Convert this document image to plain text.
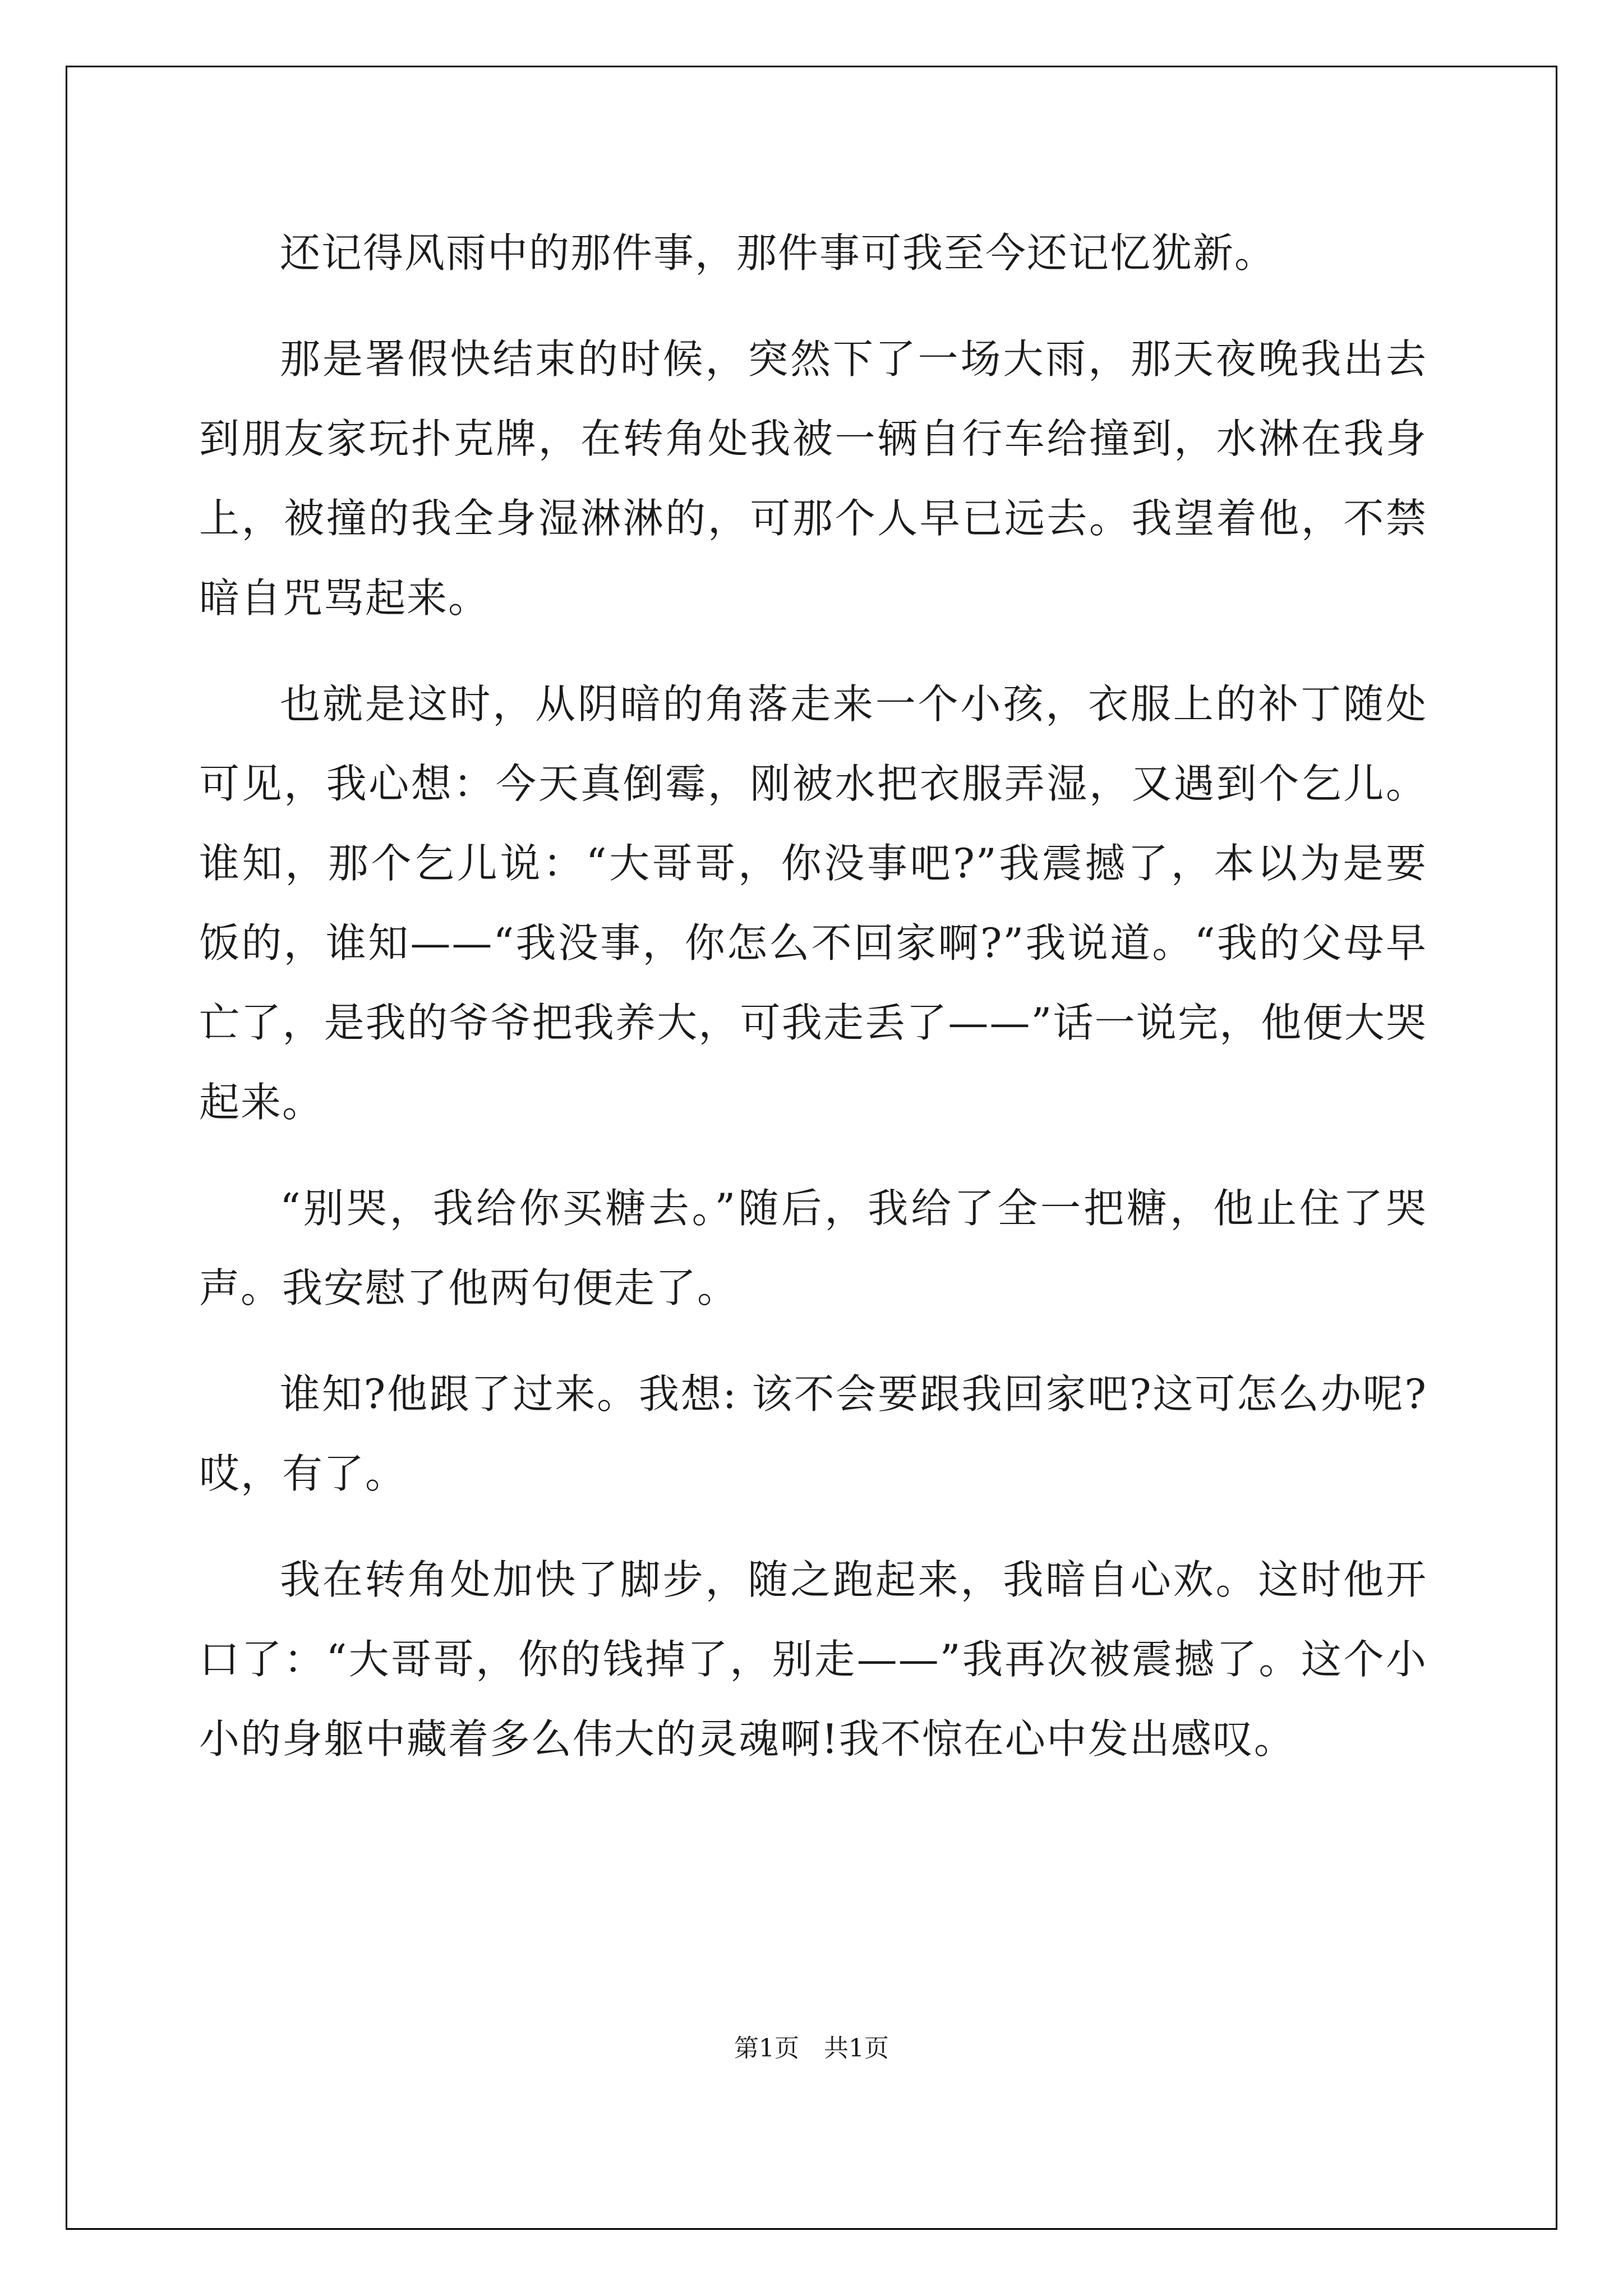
还记得风雨中的那件事，那件事可我至今还记忆犹新。

那是署假快结束的时候，突然下了一场大雨，那天夜晚我出去到朋友家玩扑克牌，在转角处我被一辆自行车给撞到，水淋在我身上，被撞的我全身湿淋淋的，可那个人早已远去。我望着他，不禁暗自咒骂起来。

也就是这时，从阴暗的角落走来一个小孩，衣服上的补丁随处可见，我心想：今天真倒霉，刚被水把衣服弄湿，又遇到个乞儿。谁知，那个乞儿说：“大哥哥，你没事吧?”我震撼了，本以为是要饭的，谁知——“我没事，你怎么不回家啊?”我说道。“我的父母早亡了，是我的爷爷把我养大，可我走丢了——”话一说完，他便大哭起来。

“别哭，我给你买糖去。”随后，我给了全一把糖，他止住了哭声。我安慰了他两句便走了。

谁知?他跟了过来。我想: 该不会要跟我回家吧?这可怎么办呢?哎，有了。

我在转角处加快了脚步，随之跑起来，我暗自心欢。这时他开口了：“大哥哥，你的钱掉了，别走——”我再次被震撼了。这个小小的身躯中藏着多么伟大的灵魂啊!我不惊在心中发出感叹。

第1页　共1页
